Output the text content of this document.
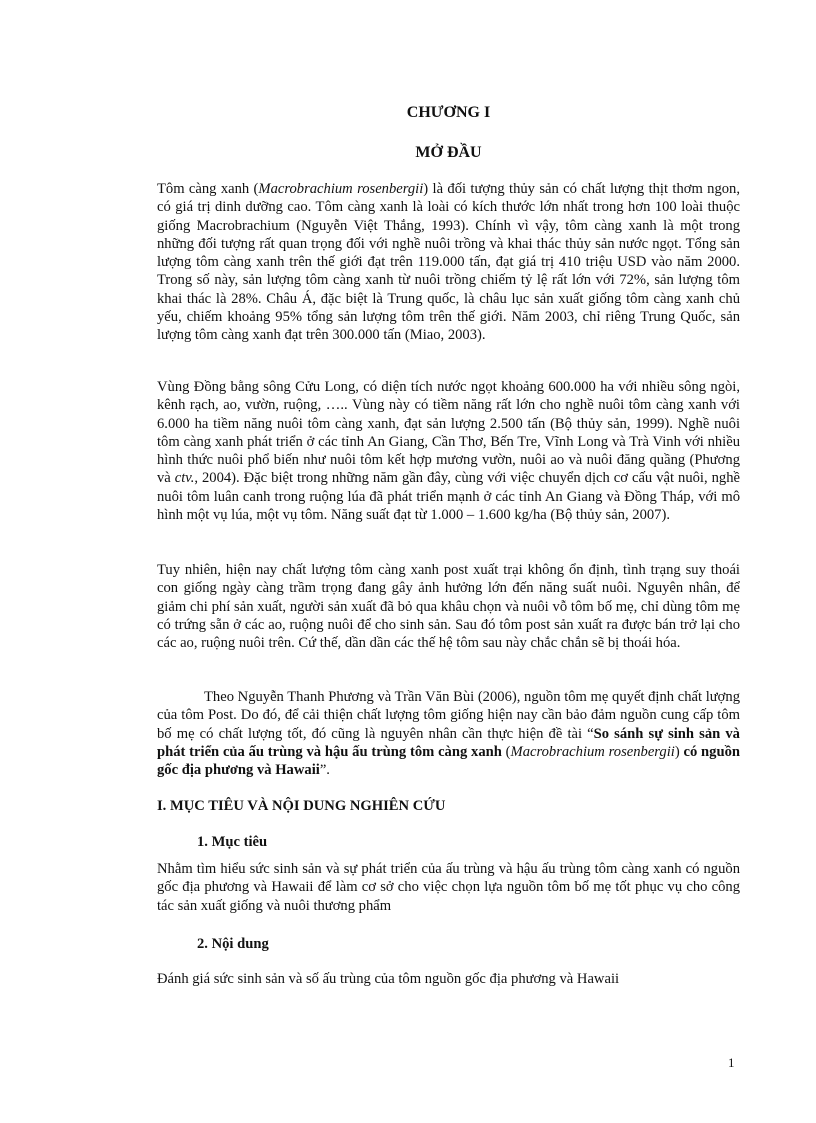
CHƯƠNG I
MỞ ĐẦU

Tôm càng xanh (Macrobrachium rosenbergii) là đối tượng thủy sản có chất lượng thịt thơm ngon, có giá trị dinh dưỡng cao. Tôm càng xanh là loài có kích thước lớn nhất trong hơn 100 loài thuộc giống Macrobrachium (Nguyễn Việt Thắng, 1993). Chính vì vậy, tôm càng xanh là một trong những đối tượng rất quan trọng đối với nghề nuôi trồng và khai thác thủy sản nước ngọt. Tổng sản lượng tôm càng xanh trên thế giới đạt trên 119.000 tấn, đạt giá trị 410 triệu USD vào năm 2000. Trong số này, sản lượng tôm càng xanh từ nuôi trồng chiếm tỷ lệ rất lớn với 72%, sản lượng tôm khai thác là 28%. Châu Á, đặc biệt là Trung quốc, là châu lục sản xuất giống tôm càng xanh chủ yếu, chiếm khoảng 95% tổng sản lượng tôm trên thế giới. Năm 2003, chỉ riêng Trung Quốc, sản lượng tôm càng xanh đạt trên 300.000 tấn (Miao, 2003).

Vùng Đồng bằng sông Cửu Long, có diện tích nước ngọt khoảng 600.000 ha với nhiều sông ngòi, kênh rạch, ao, vườn, ruộng, ….. Vùng này có tiềm năng rất lớn cho nghề nuôi tôm càng xanh với 6.000 ha tiềm năng nuôi tôm càng xanh, đạt sản lượng 2.500 tấn (Bộ thủy sản, 1999). Nghề nuôi tôm càng xanh phát triển ở các tỉnh An Giang, Cần Thơ, Bến Tre, Vĩnh Long và Trà Vinh với nhiều hình thức nuôi phổ biến như nuôi tôm kết hợp mương vườn, nuôi ao và nuôi đăng quầng (Phương và ctv., 2004). Đặc biệt trong những năm gần đây, cùng với việc chuyển dịch cơ cấu vật nuôi, nghề nuôi tôm luân canh trong ruộng lúa đã phát triển mạnh ở các tỉnh An Giang và Đồng Tháp, với mô hình một vụ lúa, một vụ tôm. Năng suất đạt từ 1.000 – 1.600 kg/ha (Bộ thủy sản, 2007).

Tuy nhiên, hiện nay chất lượng tôm càng xanh post xuất trại không ổn định, tình trạng suy thoái con giống ngày càng trầm trọng đang gây ảnh hưởng lớn đến năng suất nuôi. Nguyên nhân, để giảm chi phí sản xuất, người sản xuất đã bỏ qua khâu chọn và nuôi vỗ tôm bố mẹ, chỉ dùng tôm mẹ có trứng sẵn ở các ao, ruộng nuôi để cho sinh sản. Sau đó tôm post sản xuất ra được bán trở lại cho các ao, ruộng nuôi trên. Cứ thế, dần dần các thế hệ tôm sau này chắc chắn sẽ bị thoái hóa.

Theo Nguyễn Thanh Phương và Trần Văn Bùi (2006), nguồn tôm mẹ quyết định chất lượng của tôm Post. Do đó, để cải thiện chất lượng tôm giống hiện nay cần bảo đảm nguồn cung cấp tôm bố mẹ có chất lượng tốt, đó cũng là nguyên nhân cần thực hiện đề tài “So sánh sự sinh sản và phát triển của ấu trùng và hậu ấu trùng tôm càng xanh (Macrobrachium rosenbergii) có nguồn gốc địa phương và Hawaii”.

I. MỤC TIÊU VÀ NỘI DUNG NGHIÊN CỨU
1. Mục tiêu

Nhằm tìm hiểu sức sinh sản và sự phát triển của ấu trùng và hậu ấu trùng tôm càng xanh có nguồn gốc địa phương và Hawaii để làm cơ sở cho việc chọn lựa nguồn tôm bố mẹ tốt phục vụ cho công tác sản xuất giống và nuôi thương phẩm

2. Nội dung

Đánh giá sức sinh sản và số ấu trùng của tôm nguồn gốc địa phương và Hawaii

1
